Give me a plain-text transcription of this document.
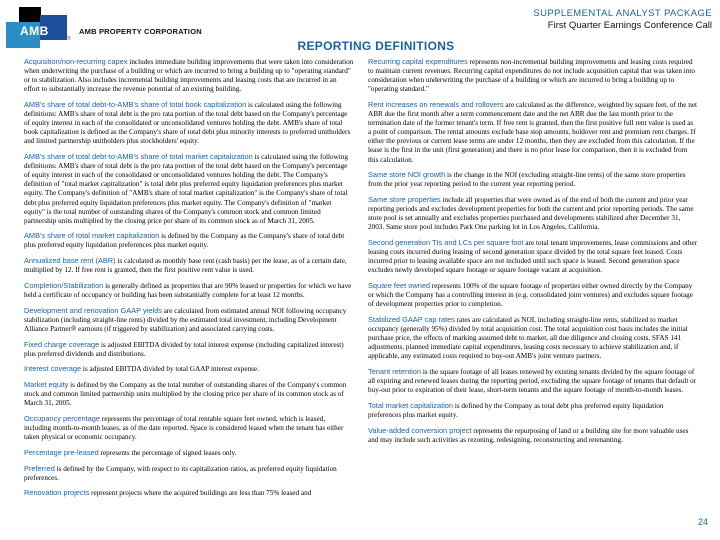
AMB
®
AMB PROPERTY CORPORATION
SUPPLEMENTAL ANALYST PACKAGE
First Quarter Earnings Conference Call
REPORTING DEFINITIONS

Acquisition/non-recurring capex includes immediate building improvements that were taken into consideration when underwriting the purchase of a building or which are incurred to bring a building up to "operating standard" or to stabilization. Also includes incremental building improvements and leasing costs that are incurred in an effort to substantially increase the revenue potential of an existing building.

AMB's share of total debt-to-AMB's share of total book capitalization is calculated using the following definitions: AMB's share of total debt is the pro rata portion of the total debt based on the Company's percentage of equity interest in each of the consolidated or unconsolidated ventures holding the debt. AMB's share of total book capitalization is defined as the Company's share of total debt plus minority interests to preferred unitholders and limited partnership unitholders plus stockholders' equity.

AMB's share of total debt-to-AMB's share of total market capitalization is calculated using the following definitions: AMB's share of total debt is the pro rata portion of the total debt based on the Company's percentage of equity interest in each of the consolidated or unconsolidated ventures holding the debt. The Company's definition of "total market capitalization" is total debt plus preferred equity liquidation preferences plus market equity. The Company's definition of "AMB's share of total market capitalization" is the Company's share of total debt plus preferred equity liquidation preferences plus market equity. The Company's definition of "market equity" is the total number of outstanding shares of the Company's common stock and common limited partnership units multiplied by the closing price per share of its common stock as of March 31, 2005.

AMB's share of total market capitalization is defined by the Company as the Company's share of total debt plus preferred equity liquidation preferences plus market equity.

Annualized base rent (ABR) is calculated as monthly base rent (cash basis) per the lease, as of a certain date, multiplied by 12. If free rent is granted, then the first positive rent value is used.

Completion/Stabilization is generally defined as properties that are 90% leased or properties for which we have held a certificate of occupancy or building has been substantially complete for at least 12 months.

Development and renovation GAAP yields are calculated from estimated annual NOI following occupancy stabilization (including straight-line rents) divided by the estimated total investment, including Development Alliance Partner® earnouts (if triggered by stabilization) and associated carrying costs.

Fixed charge coverage is adjusted EBITDA divided by total interest expense (including capitalized interest) plus preferred dividends and distributions.

Interest coverage is adjusted EBITDA divided by total GAAP interest expense.

Market equity is defined by the Company as the total number of outstanding shares of the Company's common stock and common limited partnership units multiplied by the closing price per share of its common stock as of March 31, 2005.

Occupancy percentage represents the percentage of total rentable square feet owned, which is leased, including month-to-month leases, as of the date reported. Space is considered leased when the tenant has either taken physical or economic occupancy.

Percentage pre-leased represents the percentage of signed leases only.

Preferred is defined by the Company, with respect to its capitalization ratios, as preferred equity liquidation preferences.

Renovation projects represent projects where the acquired buildings are less than 75% leased and

Recurring capital expenditures represents non-incremental building improvements and leasing costs required to maintain current revenues. Recurring capital expenditures do not include acquisition capital that was taken into consideration when underwriting the purchase of a building or which are incurred to bring a building up to "operating standard."

Rent increases on renewals and rollovers are calculated as the difference, weighted by square feet, of the net ABR due the first month after a term commencement date and the net ABR due the last month prior to the termination date of the former tenant's term. If free rent is granted, then the first positive full rent value is used as a point of comparison. The rental amounts exclude base stop amounts, holdover rent and premium rent charges. If either the previous or current lease terms are under 12 months, then they are excluded from this calculation. If the lease is the first in the unit (first generation) and there is no prior lease for comparison, then it is excluded from this calculation.

Same store NOI growth is the change in the NOI (excluding straight-line rents) of the same store properties from the prior year reporting period to the current year reporting period.

Same store properties include all properties that were owned as of the end of both the current and prior year reporting periods and excludes development properties for both the current and prior reporting periods. The same store pool is set annually and excludes properties purchased and developments stabilized after December 31, 2003. Same store pool includes Park One parking lot in Los Angeles, California.

Second generation TIs and LCs per square foot are total tenant improvements, lease commissions and other leasing costs incurred during leasing of second generation space divided by the total square feet leased. Costs incurred prior to leasing available space are not included until such space is leased. Second generation space excludes newly developed square footage or square footage vacant at acquisition.

Square feet owned represents 100% of the square footage of properties either owned directly by the Company or which the Company has a controlling interest in (e.g. consolidated joint ventures) and excludes square footage of development properties prior to completion.

Stabilized GAAP cap rates rates are calculated as NOI, including straight-line rents, stabilized to market occupancy (generally 95%) divided by total acquisition cost. The total acquisition cost basis includes the initial purchase price, the effects of marking assumed debt to market, all due diligence and closing costs, SFAS 141 adjustments, planned immediate capital expenditures, leasing costs necessary to achieve stabilization and, if applicable, any estimated costs required to buy-out AMB's joint venture partners.

Tenant retention is the square footage of all leases renewed by existing tenants divided by the square footage of all expiring and renewed leases during the reporting period, excluding the square footage of tenants that default or buy-out prior to expiration of their lease, short-term tenants and the square footage of month-to-month leases.

Total market capitalization is defined by the Company as total debt plus preferred equity liquidation preferences plus market equity.

Value-added conversion project represents the repurposing of land or a building site for more valuable uses and may include such activities as rezoning, redesigning, reconstructing and retenanting.

24
